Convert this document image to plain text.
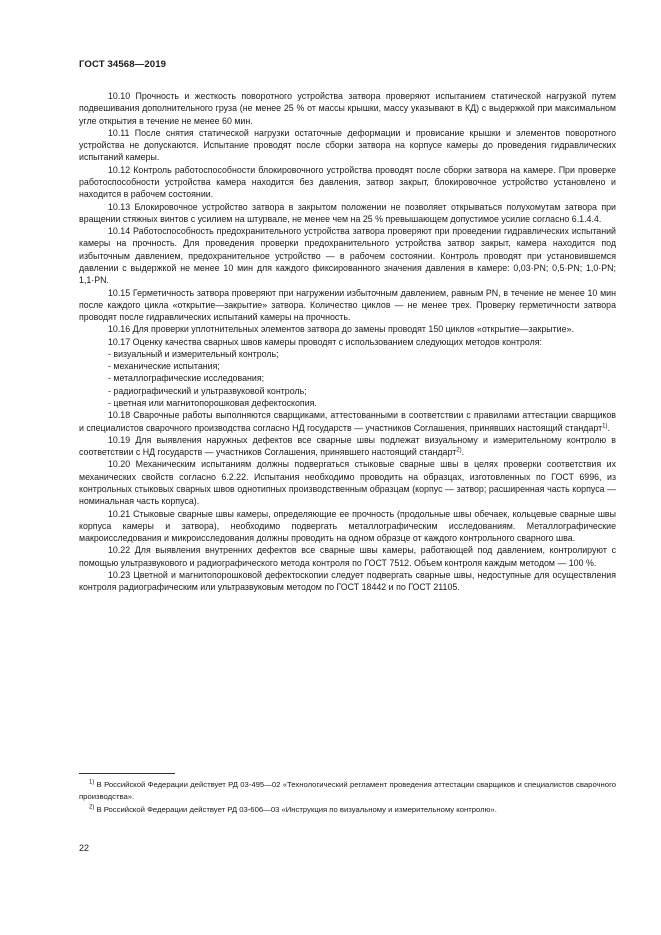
ГОСТ 34568—2019

10.10 Прочность и жесткость поворотного устройства затвора проверяют испытанием статической нагрузкой путем подвешивания дополнительного груза (не менее 25 % от массы крышки, массу указывают в КД) с выдержкой при максимальном угле открытия в течение не менее 60 мин.

10.11 После снятия статической нагрузки остаточные деформации и провисание крышки и элементов поворотного устройства не допускаются. Испытание проводят после сборки затвора на корпусе камеры до проведения гидравлических испытаний камеры.

10.12 Контроль работоспособности блокировочного устройства проводят после сборки затвора на камере. При проверке работоспособности устройства камера находится без давления, затвор закрыт, блокировочное устройство установлено и находится в рабочем состоянии.

10.13 Блокировочное устройство затвора в закрытом положении не позволяет открываться полухомутам затвора при вращении стяжных винтов с усилием на штурвале, не менее чем на 25 % превышающем допустимое усилие согласно 6.1.4.4.

10.14 Работоспособность предохранительного устройства затвора проверяют при проведении гидравлических испытаний камеры на прочность. Для проведения проверки предохранительного устройства затвор закрыт, камера находится под избыточным давлением, предохранительное устройство — в рабочем состоянии. Контроль проводят при установившемся давлении с выдержкой не менее 10 мин для каждого фиксированного значения давления в камере: 0,03·PN; 0,5·PN; 1,0·PN; 1,1·PN.

10.15 Герметичность затвора проверяют при нагружении избыточным давлением, равным PN, в течение не менее 10 мин после каждого цикла «открытие—закрытие» затвора. Количество циклов — не менее трех. Проверку герметичности затвора проводят после гидравлических испытаний камеры на прочность.

10.16 Для проверки уплотнительных элементов затвора до замены проводят 150 циклов «открытие—закрытие».

10.17 Оценку качества сварных швов камеры проводят с использованием следующих методов контроля:

- визуальный и измерительный контроль;
- механические испытания;
- металлографические исследования;
- радиографический и ультразвуковой контроль;
- цветная или магнитопорошковая дефектоскопия.

10.18 Сварочные работы выполняются сварщиками, аттестованными в соответствии с правилами аттестации сварщиков и специалистов сварочного производства согласно НД государств — участников Соглашения, принявших настоящий стандарт$^{1)}$.

10.19 Для выявления наружных дефектов все сварные швы подлежат визуальному и измерительному контролю в соответствии с НД государств — участников Соглашения, принявшего настоящий стандарт$^{2)}$.

10.20 Механическим испытаниям должны подвергаться стыковые сварные швы в целях проверки соответствия их механических свойств согласно 6.2.22. Испытания необходимо проводить на образцах, изготовленных по ГОСТ 6996, из контрольных стыковых сварных швов однотипных производственным образцам (корпус — затвор; расширенная часть корпуса — номинальная часть корпуса).

10.21 Стыковые сварные швы камеры, определяющие ее прочность (продольные швы обечаек, кольцевые сварные швы корпуса камеры и затвора), необходимо подвергать металлографическим исследованиям. Металлографические макроисследования и микроисследования должны проводить на одном образце от каждого контрольного сварного шва.

10.22 Для выявления внутренних дефектов все сварные швы камеры, работающей под давлением, контролируют с помощью ультразвукового и радиографического метода контроля по ГОСТ 7512. Объем контроля каждым методом — 100 %.

10.23 Цветной и магнитопорошковой дефектоскопии следует подвергать сварные швы, недоступные для осуществления контроля радиографическим или ультразвуковым методом по ГОСТ 18442 и по ГОСТ 21105.

$^{1)}$ В Российской Федерации действует РД 03-495—02 «Технологический регламент проведения аттестации сварщиков и специалистов сварочного производства».

$^{2)}$ В Российской Федерации действует РД 03-606—03 «Инструкция по визуальному и измерительному контролю».

22
